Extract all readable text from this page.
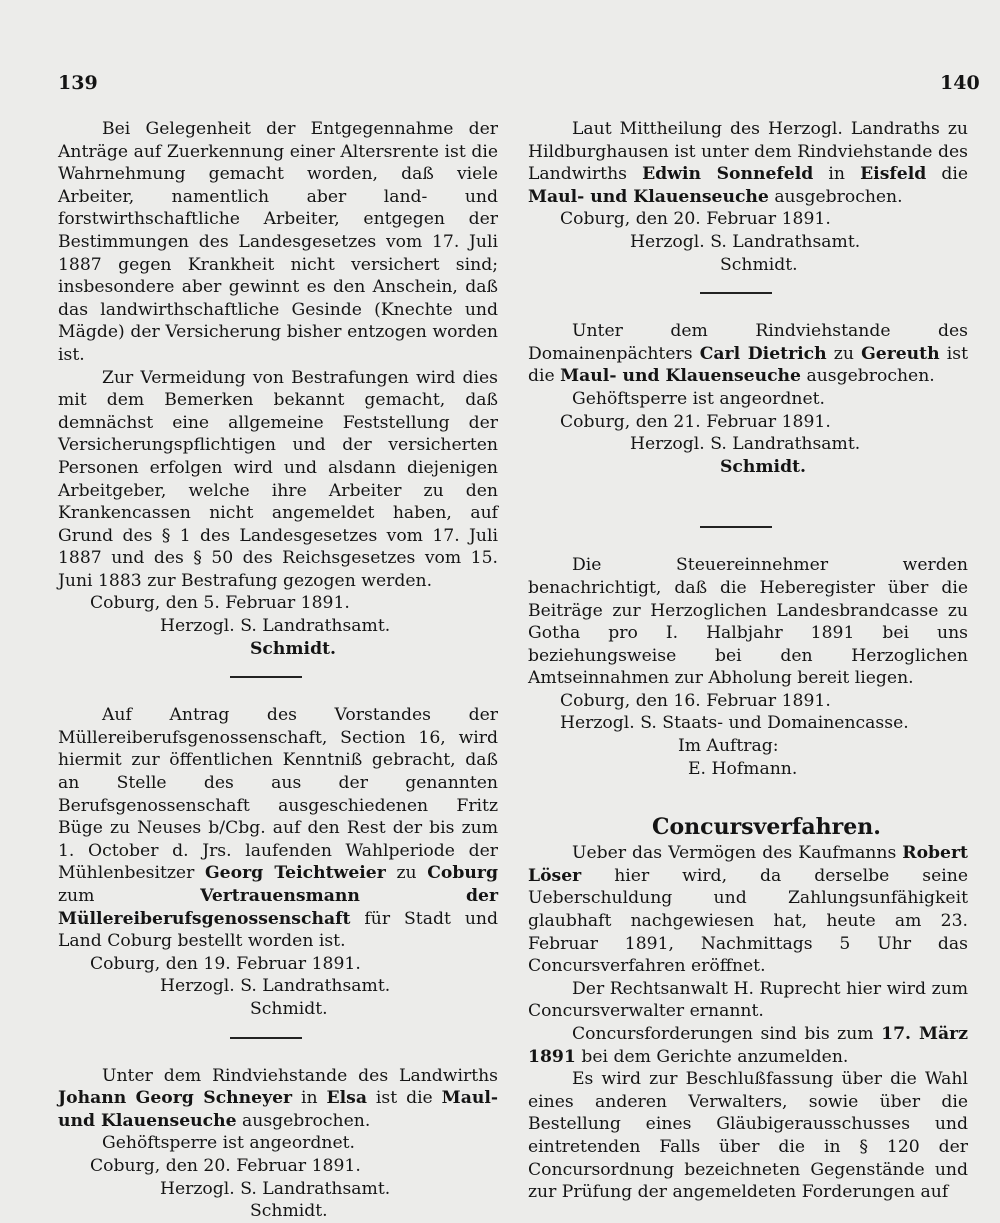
139	140

Bei Gelegenheit der Entgegennahme der Anträge auf Zuerkennung einer Altersrente ist die Wahrnehmung gemacht worden, daß viele Arbeiter, namentlich aber land- und forstwirthschaftliche Arbeiter, entgegen der Bestimmungen des Landesgesetzes vom 17. Juli 1887 gegen Krankheit nicht versichert sind; insbesondere aber gewinnt es den Anschein, daß das landwirthschaftliche Gesinde (Knechte und Mägde) der Versicherung bisher entzogen worden ist.

Zur Vermeidung von Bestrafungen wird dies mit dem Bemerken bekannt gemacht, daß demnächst eine allgemeine Feststellung der Versicherungspflichtigen und der versicherten Personen erfolgen wird und alsdann diejenigen Arbeitgeber, welche ihre Arbeiter zu den Krankencassen nicht angemeldet haben, auf Grund des § 1 des Landesgesetzes vom 17. Juli 1887 und des § 50 des Reichsgesetzes vom 15. Juni 1883 zur Bestrafung gezogen werden.

Coburg, den 5. Februar 1891.

Herzogl. S. Landrathsamt.

Schmidt.

Auf Antrag des Vorstandes der Müllereiberufsgenossenschaft, Section 16, wird hiermit zur öffentlichen Kenntniß gebracht, daß an Stelle des aus der genannten Berufsgenossenschaft ausgeschiedenen Fritz Büge zu Neuses b/Cbg. auf den Rest der bis zum 1. October d. Jrs. laufenden Wahlperiode der Mühlenbesitzer Georg Teichtweier zu Coburg zum	Vertrauensmann der Müllereiberufsgenossenschaft für Stadt und Land Coburg bestellt worden ist.

Coburg, den 19. Februar 1891.

Herzogl. S. Landrathsamt.

Schmidt.

Unter dem Rindviehstande des Landwirths Johann Georg Schneyer in Elsa ist die Maul- und Klauenseuche ausgebrochen.

Gehöftsperre ist angeordnet.

Coburg, den 20. Februar 1891.

Herzogl. S. Landrathsamt.

Schmidt.

Laut Mittheilung des Herzogl. Landraths zu Hildburghausen ist unter dem Rindviehstande des Landwirths Edwin Sonnefeld in Eisfeld die Maul- und Klauenseuche ausgebrochen.

Coburg, den 20. Februar 1891.

Herzogl. S. Landrathsamt.

Schmidt.

Unter dem Rindviehstande des Domainenpächters Carl Dietrich zu Gereuth ist die Maul- und Klauenseuche ausgebrochen.

Gehöftsperre ist angeordnet.

Coburg, den 21. Februar 1891.

Herzogl. S. Landrathsamt.

Schmidt.

Die Steuereinnehmer werden benachrichtigt, daß die Heberegister über die Beiträge zur Herzoglichen Landesbrandcasse zu Gotha pro I. Halbjahr 1891 bei uns beziehungsweise bei den Herzoglichen Amtseinnahmen zur Abholung bereit liegen.

Coburg, den 16. Februar 1891.

Herzogl. S. Staats- und Domainencasse.

Im Auftrag:

E. Hofmann.

Concursverfahren.

Ueber das Vermögen des Kaufmanns Robert Löser hier wird, da derselbe seine Ueberschuldung und Zahlungsunfähigkeit glaubhaft nachgewiesen hat, heute am 23. Februar 1891, Nachmittags 5 Uhr das Concursverfahren eröffnet.

Der Rechtsanwalt H. Ruprecht hier wird zum Concursverwalter ernannt.

Concursforderungen sind bis zum 17. März 1891 bei dem Gerichte anzumelden.

Es wird zur Beschlußfassung über die Wahl eines anderen Verwalters, sowie über die Bestellung eines Gläubigerausschusses und eintretenden Falls über die in § 120 der Concursordnung bezeichneten Gegenstände und zur Prüfung der angemeldeten Forderungen auf
